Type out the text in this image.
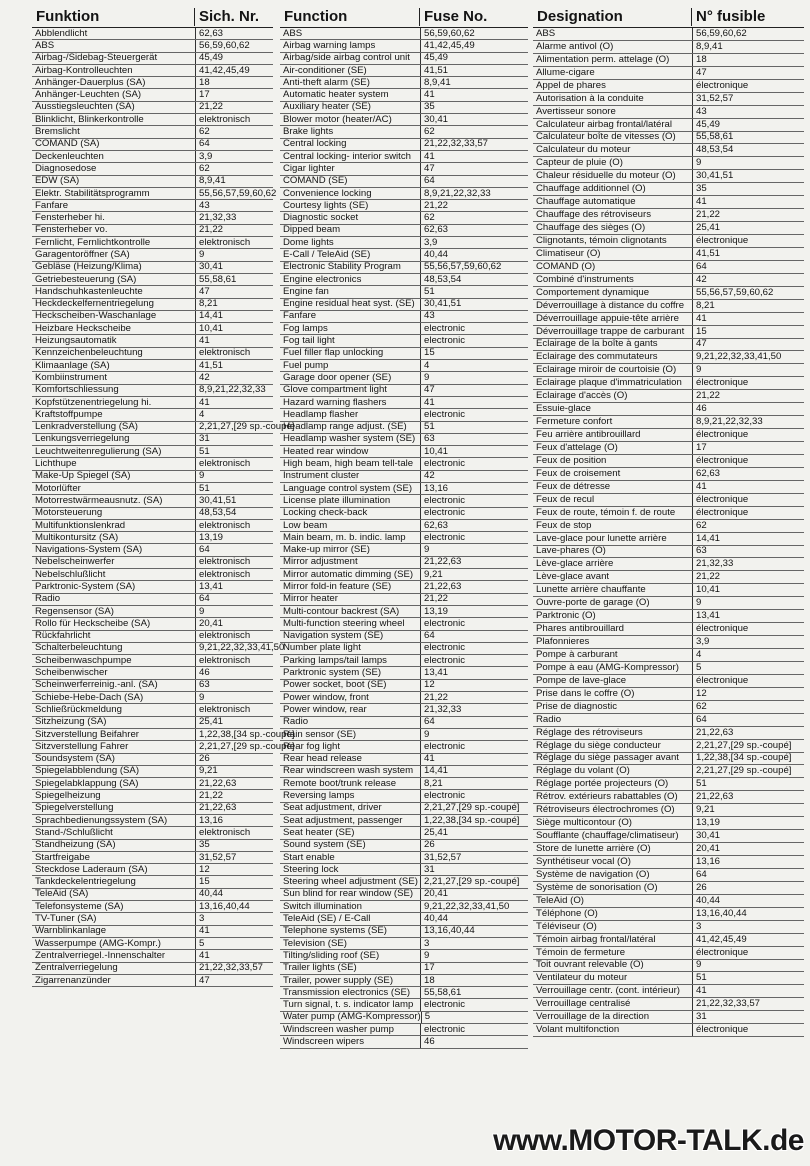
Funktion	Sich. Nr.
Abblendlicht	62,63
ABS	56,59,60,62
Airbag-/Sidebag-Steuergerät	45,49
Airbag-Kontrolleuchten	41,42,45,49
Anhänger-Dauerplus (SA)	18
Anhänger-Leuchten (SA)	17
Ausstiegsleuchten (SA)	21,22
Blinklicht, Blinkerkontrolle	elektronisch
Bremslicht	62
COMAND (SA)	64
Deckenleuchten	3,9
Diagnosedose	62
EDW (SA)	8,9,41
Elektr. Stabilitätsprogramm	55,56,57,59,60,62
Fanfare	43
Fensterheber hi.	21,32,33
Fensterheber vo.	21,22
Fernlicht, Fernlichtkontrolle	elektronisch
Garagentoröffner (SA)	9
Gebläse (Heizung/Klima)	30,41
Getriebesteuerung (SA)	55,58,61
Handschuhkastenleuchte	47
Heckdeckelfernentriegelung	8,21
Heckscheiben-Waschanlage	14,41
Heizbare Heckscheibe	10,41
Heizungsautomatik	41
Kennzeichenbeleuchtung	elektronisch
Klimaanlage (SA)	41,51
Kombiinstrument	42
Komfortschliessung	8,9,21,22,32,33
Kopfstützenentriegelung hi.	41
Kraftstoffpumpe	4
Lenkradverstellung (SA)	2,21,27,[29 sp.-coupé]
Lenkungsverriegelung	31
Leuchtweitenregulierung (SA)	51
Lichthupe	elektronisch
Make-Up Spiegel (SA)	9
Motorlüfter	51
Motorrestwärmeausnutz. (SA)	30,41,51
Motorsteuerung	48,53,54
Multifunktionslenkrad	elektronisch
Multikontursitz (SA)	13,19
Navigations-System (SA)	64
Nebelscheinwerfer	elektronisch
Nebelschlußlicht	elektronisch
Parktronic-System (SA)	13,41
Radio	64
Regensensor (SA)	9
Rollo für Heckscheibe (SA)	20,41
Rückfahrlicht	elektronisch
Schalterbeleuchtung	9,21,22,32,33,41,50
Scheibenwaschpumpe	elektronisch
Scheibenwischer	46
Scheinwerferreinig.-anl. (SA)	63
Schiebe-Hebe-Dach (SA)	9
Schließrückmeldung	elektronisch
Sitzheizung (SA)	25,41
Sitzverstellung Beifahrer	1,22,38,[34 sp.-coupé]
Sitzverstellung Fahrer	2,21,27,[29 sp.-coupé]
Soundsystem (SA)	26
Spiegelabblendung (SA)	9,21
Spiegelabklappung (SA)	21,22,63
Spiegelheizung	21,22
Spiegelverstellung	21,22,63
Sprachbedienungssystem (SA)	13,16
Stand-/Schlußlicht	elektronisch
Standheizung (SA)	35
Startfreigabe	31,52,57
Steckdose Laderaum (SA)	12
Tankdeckelentriegelung	15
TeleAid (SA)	40,44
Telefonsysteme (SA)	13,16,40,44
TV-Tuner (SA)	3
Warnblinkanlage	41
Wasserpumpe (AMG-Kompr.)	5
Zentralverriegel.-Innenschalter	41
Zentralverriegelung	21,22,32,33,57
Zigarrenanzünder	47
Function	Fuse No.
ABS	56,59,60,62
Airbag warning lamps	41,42,45,49
Airbag/side airbag control unit	45,49
Air-conditioner (SE)	41,51
Anti-theft alarm (SE)	8,9,41
Automatic heater system	41
Auxiliary heater (SE)	35
Blower motor (heater/AC)	30,41
Brake lights	62
Central locking	21,22,32,33,57
Central locking- interior switch	41
Cigar lighter	47
COMAND (SE)	64
Convenience locking	8,9,21,22,32,33
Courtesy lights (SE)	21,22
Diagnostic socket	62
Dipped beam	62,63
Dome lights	3,9
E-Call / TeleAid (SE)	40,44
Electronic Stability Program	55,56,57,59,60,62
Engine electronics	48,53,54
Engine fan	51
Engine residual heat syst. (SE) 30,41,51
Fanfare	43
Fog lamps	electronic
Fog tail light	electronic
Fuel filler flap unlocking	15
Fuel pump	4
Garage door opener (SE)	9
Glove compartment light	47
Hazard warning flashers	41
Headlamp flasher	electronic
Headlamp range adjust. (SE)	51
Headlamp washer system (SE) 63
Heated rear window	10,41
High beam, high beam tell-tale	electronic
Instrument cluster	42
Language control system (SE)	13,16
License plate illumination	electronic
Locking check-back	electronic
Low beam	62,63
Main beam, m. b. indic. lamp	electronic
Make-up mirror (SE)	9
Mirror adjustment	21,22,63
Mirror automatic dimming (SE)	9,21
Mirror fold-in feature (SE)	21,22,63
Mirror heater	21,22
Multi-contour backrest (SA)	13,19
Multi-function steering wheel	electronic
Navigation system (SE)	64
Number plate light	electronic
Parking lamps/tail lamps	electronic
Parktronic system (SE)	13,41
Power socket, boot (SE)	12
Power window, front	21,22
Power window, rear	21,32,33
Radio	64
Rain sensor (SE)	9
Rear fog light	electronic
Rear head release	41
Rear windscreen wash system	14,41
Remote boot/trunk release	8,21
Reversing lamps	electronic
Seat adjustment, driver	2,21,27,[29 sp.-coupé]
Seat adjustment, passenger	1,22,38,[34 sp.-coupé]
Seat heater (SE)	25,41
Sound system (SE)	26
Start enable	31,52,57
Steering lock	31
Steering wheel adjustment (SE) 2,21,27,[29 sp.-coupé]
Sun blind for rear window (SE)	20,41
Switch illumination	9,21,22,32,33,41,50
TeleAid (SE) / E-Call	40,44
Telephone systems (SE)	13,16,40,44
Television (SE)	3
Tilting/sliding roof (SE)	9
Trailer lights (SE)	17
Trailer, power supply (SE)	18
Transmission electronics (SE)	55,58,61
Turn signal, t. s. indicator lamp	electronic
Water pump (AMG-Kompressor) 5
Windscreen washer pump	electronic
Windscreen wipers	46
Designation	N° fusible
ABS	56,59,60,62
Alarme antivol (O)	8,9,41
Alimentation perm. attelage (O)	18
Allume-cigare	47
Appel de phares	électronique
Autorisation à la conduite	31,52,57
Avertisseur sonore	43
Calculateur airbag frontal/latéral	45,49
Calculateur boîte de vitesses (O)	55,58,61
Calculateur du moteur	48,53,54
Capteur de pluie (O)	9
Chaleur résiduelle du moteur (O)	30,41,51
Chauffage additionnel (O)	35
Chauffage automatique	41
Chauffage des rétroviseurs	21,22
Chauffage des sièges (O)	25,41
Clignotants, témoin clignotants	électronique
Climatiseur (O)	41,51
COMAND (O)	64
Combiné d'instruments	42
Comportement dynamique	55,56,57,59,60,62
Déverrouillage à distance du coffre	8,21
Déverrouillage appuie-tête arrière	41
Déverrouillage trappe de carburant	15
Eclairage de la boîte à gants	47
Eclairage des commutateurs	9,21,22,32,33,41,50
Eclairage miroir de courtoisie (O)	9
Eclairage plaque d'immatriculation	électronique
Eclairage d'accès (O)	21,22
Essuie-glace	46
Fermeture confort	8,9,21,22,32,33
Feu arrière antibrouillard	électronique
Feux d'attelage (O)	17
Feux de position	électronique
Feux de croisement	62,63
Feux de détresse	41
Feux de recul	électronique
Feux de route, témoin f. de route	électronique
Feux de stop	62
Lave-glace pour lunette arrière	14,41
Lave-phares (O)	63
Lève-glace arrière	21,32,33
Lève-glace avant	21,22
Lunette arrière chauffante	10,41
Ouvre-porte de garage (O)	9
Parktronic (O)	13,41
Phares antibrouillard	électronique
Plafonnieres	3,9
Pompe à carburant	4
Pompe à eau (AMG-Kompressor)	5
Pompe de lave-glace	électronique
Prise dans le coffre (O)	12
Prise de diagnostic	62
Radio	64
Réglage des rétroviseurs	21,22,63
Réglage du siège conducteur	2,21,27,[29 sp.-coupé]
Réglage du siège passager avant	1,22,38,[34 sp.-coupé]
Réglage du volant (O)	2,21,27,[29 sp.-coupé]
Réglage portée projecteurs (O)	51
Rétrov. extérieurs rabattables (O)	21,22,63
Rétroviseurs électrochromes (O)	9,21
Siège multicontour (O)	13,19
Soufflante (chauffage/climatiseur)	30,41
Store de lunette arrière (O)	20,41
Synthétiseur vocal (O)	13,16
Système de navigation (O)	64
Système de sonorisation (O)	26
TeleAid (O)	40,44
Téléphone (O)	13,16,40,44
Téléviseur (O)	3
Témoin airbag frontal/latéral	41,42,45,49
Témoin de fermeture	électronique
Toit ouvrant relevable (O)	9
Ventilateur du moteur	51
Verrouillage centr. (cont. intérieur)	41
Verrouillage centralisé	21,22,32,33,57
Verrouillage de la direction	31
Volant multifonction	électronique
www.MOTOR-TALK.de
